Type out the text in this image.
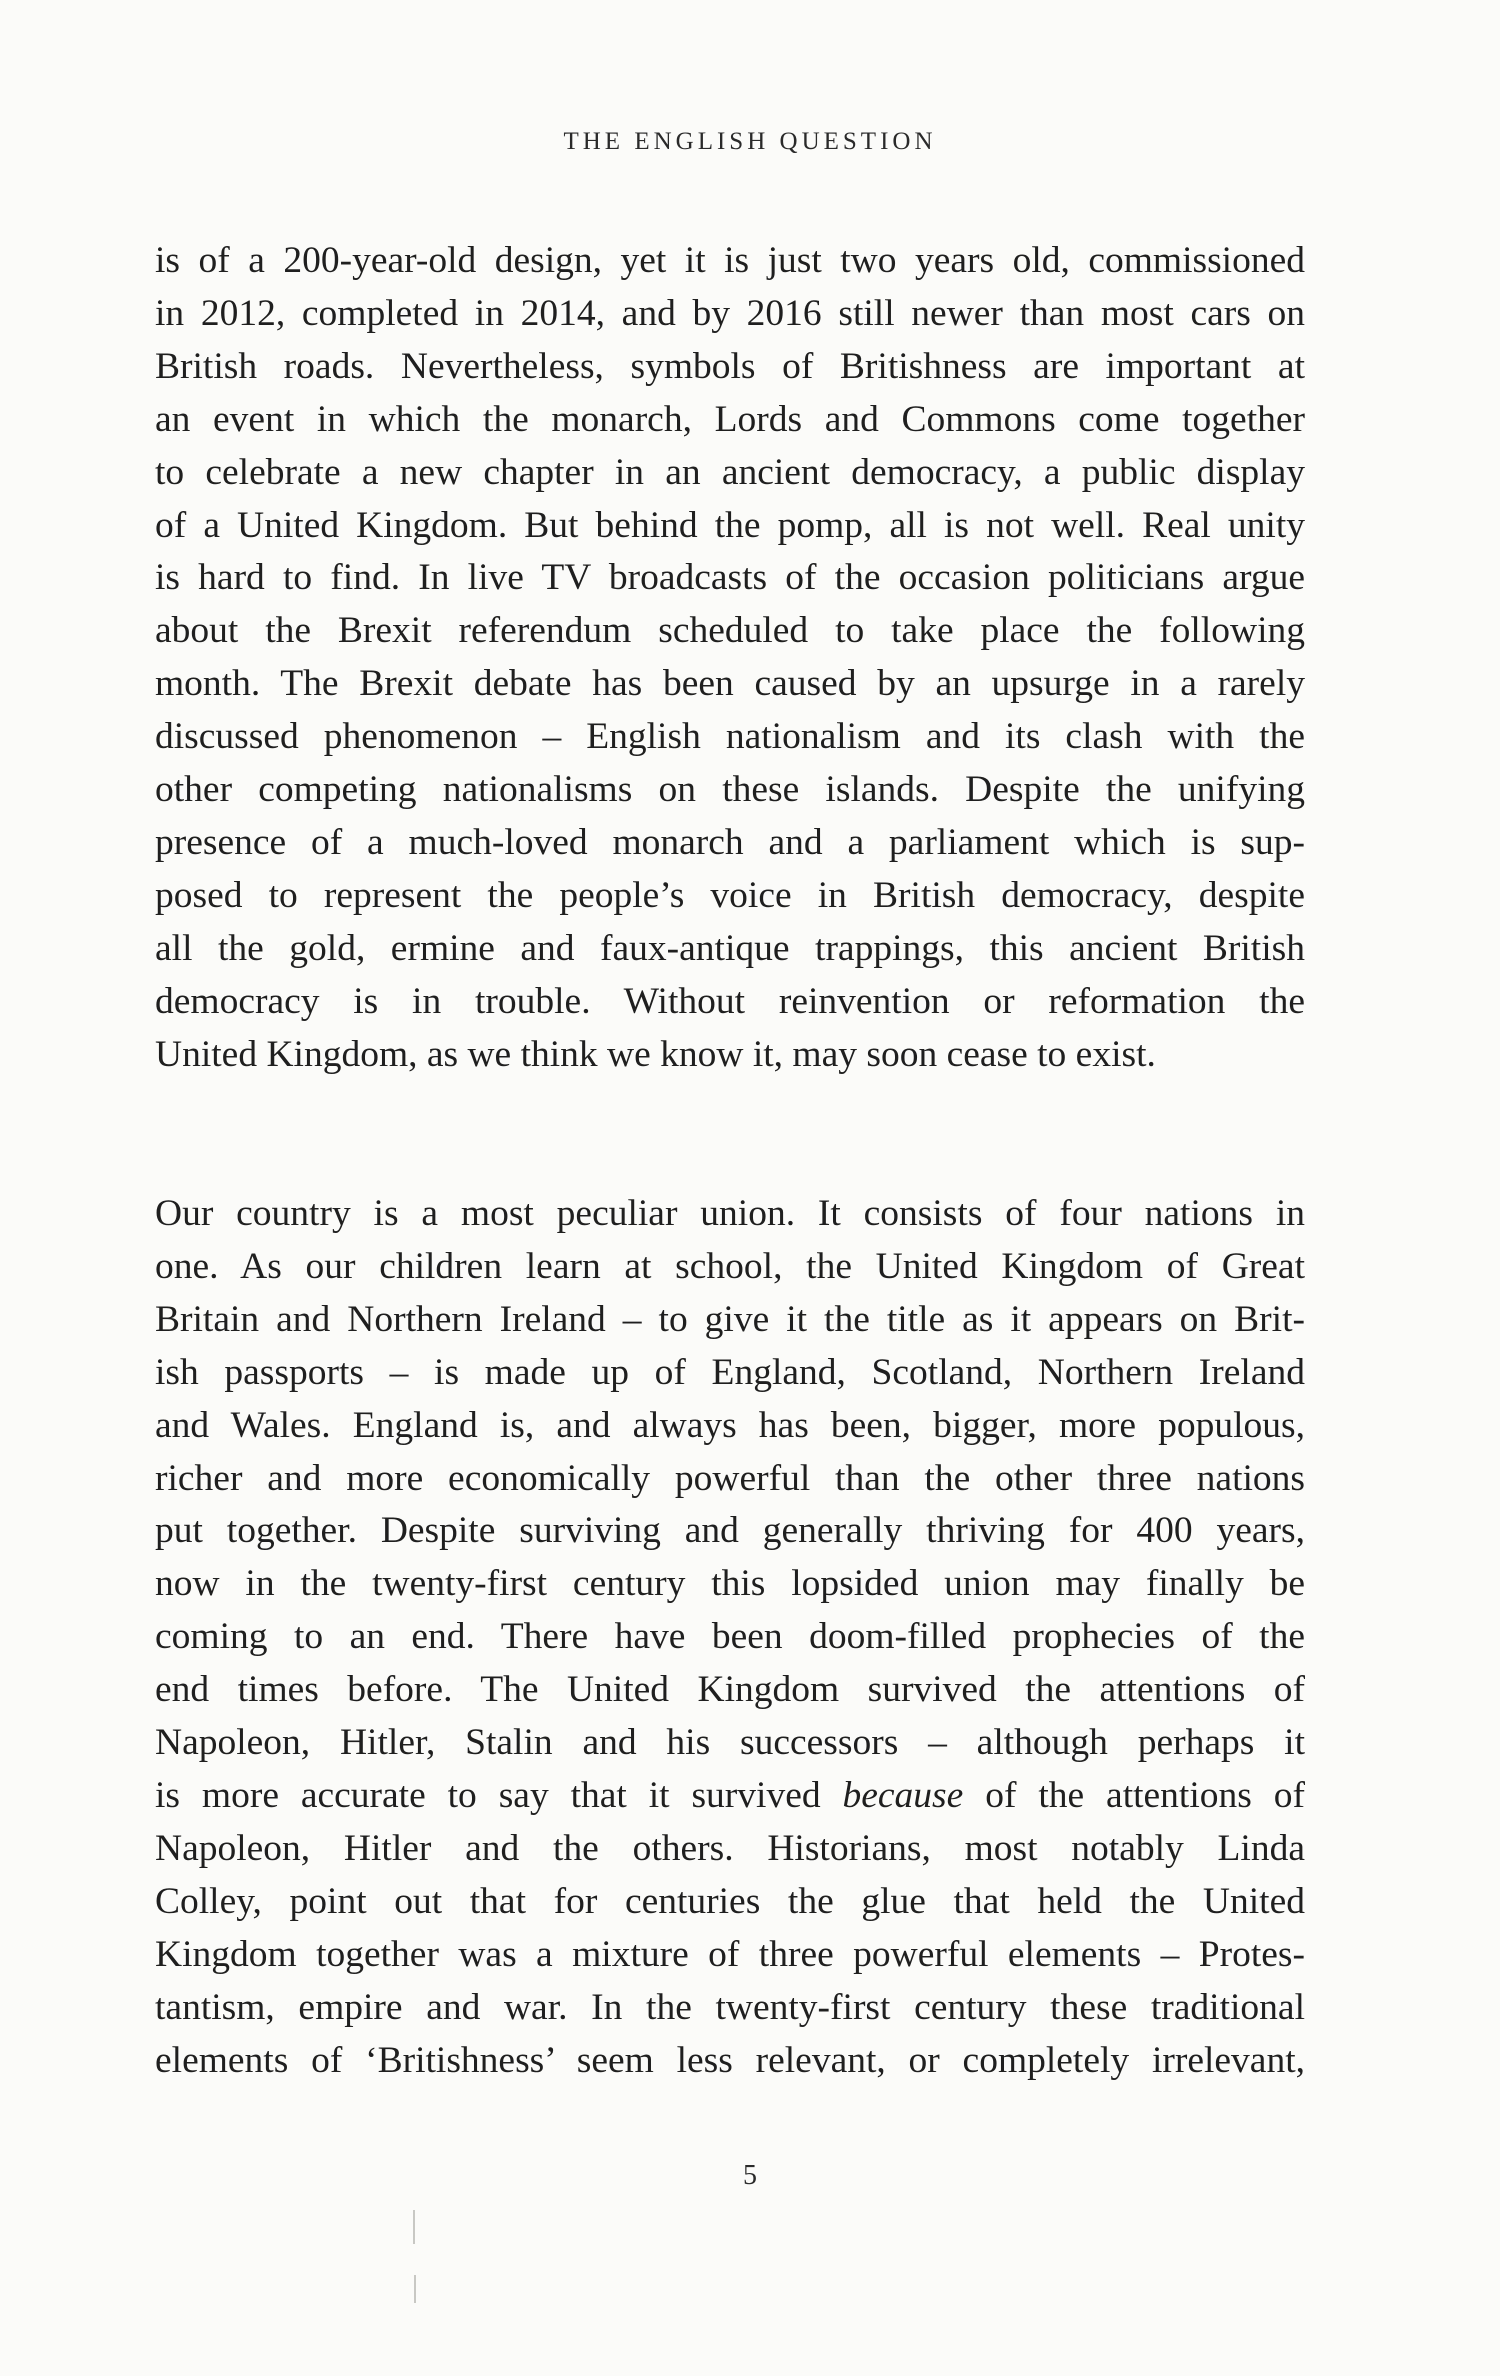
THE ENGLISH QUESTION

is of a 200-year-old design, yet it is just two years old, commissioned
in 2012, completed in 2014, and by 2016 still newer than most cars on
British roads. Nevertheless, symbols of Britishness are important at
an event in which the monarch, Lords and Commons come together
to celebrate a new chapter in an ancient democracy, a public display
of a United Kingdom. But behind the pomp, all is not well. Real unity
is hard to find. In live TV broadcasts of the occasion politicians argue
about the Brexit referendum scheduled to take place the following
month. The Brexit debate has been caused by an upsurge in a rarely
discussed phenomenon – English nationalism and its clash with the
other competing nationalisms on these islands. Despite the unifying
presence of a much-loved monarch and a parliament which is sup-
posed to represent the people’s voice in British democracy, despite
all the gold, ermine and faux-antique trappings, this ancient British
democracy is in trouble. Without reinvention or reformation the
United Kingdom, as we think we know it, may soon cease to exist.

Our country is a most peculiar union. It consists of four nations in
one. As our children learn at school, the United Kingdom of Great
Britain and Northern Ireland – to give it the title as it appears on Brit-
ish passports – is made up of England, Scotland, Northern Ireland
and Wales. England is, and always has been, bigger, more populous,
richer and more economically powerful than the other three nations
put together. Despite surviving and generally thriving for 400 years,
now in the twenty-first century this lopsided union may finally be
coming to an end. There have been doom-filled prophecies of the
end times before. The United Kingdom survived the attentions of
Napoleon, Hitler, Stalin and his successors – although perhaps it
is more accurate to say that it survived because of the attentions of
Napoleon, Hitler and the others. Historians, most notably Linda
Colley, point out that for centuries the glue that held the United
Kingdom together was a mixture of three powerful elements – Protes-
tantism, empire and war. In the twenty-first century these traditional
elements of ‘Britishness’ seem less relevant, or completely irrelevant,

5
